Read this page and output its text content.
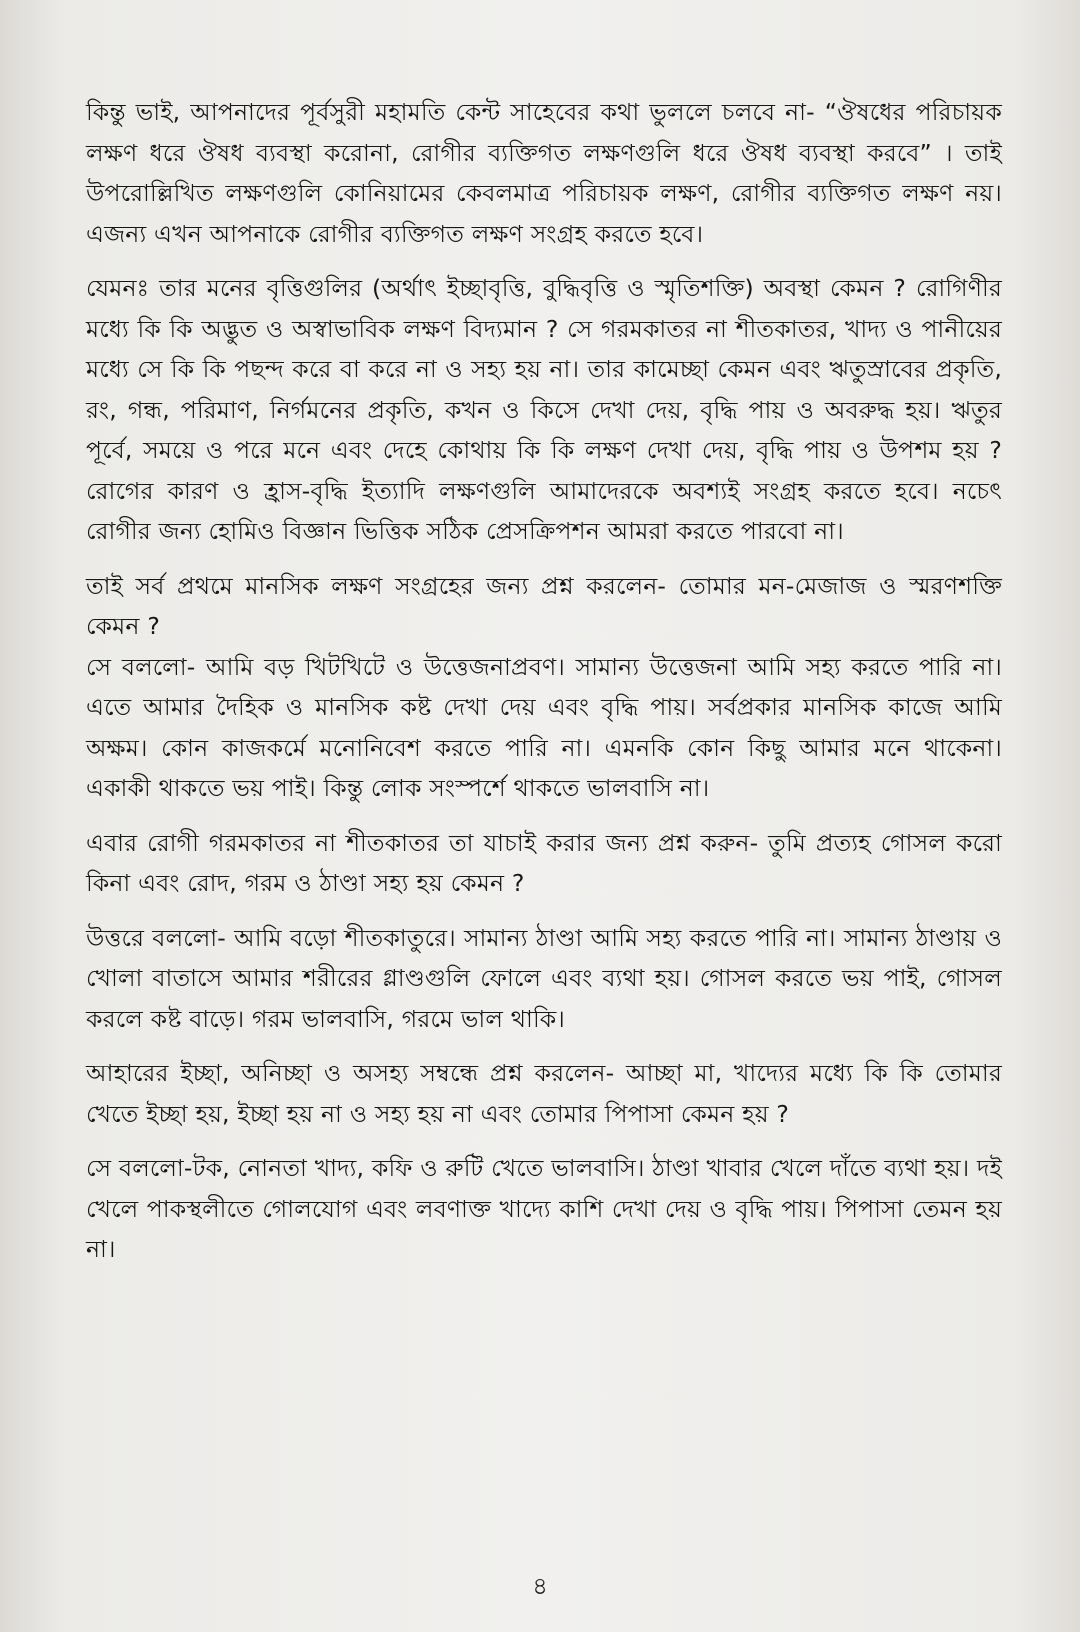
কিন্তু ভাই, আপনাদের পূর্বসুরী মহামতি কেন্ট সাহেবের কথা ভুললে চলবে না- “ঔষধের পরিচায়ক লক্ষণ ধরে ঔষধ ব্যবস্থা করোনা, রোগীর ব্যক্তিগত লক্ষণগুলি ধরে ঔষধ ব্যবস্থা করবে” । তাই উপরোল্লিখিত লক্ষণগুলি কোনিয়ামের কেবলমাত্র পরিচায়ক লক্ষণ, রোগীর ব্যক্তিগত লক্ষণ নয়। এজন্য এখন আপনাকে রোগীর ব্যক্তিগত লক্ষণ সংগ্রহ করতে হবে।

যেমনঃ তার মনের বৃত্তিগুলির (অর্থাৎ ইচ্ছাবৃত্তি, বুদ্ধিবৃত্তি ও স্মৃতিশক্তি) অবস্থা কেমন ? রোগিণীর মধ্যে কি কি অদ্ভুত ও অস্বাভাবিক লক্ষণ বিদ্যমান ? সে গরমকাতর না শীতকাতর, খাদ্য ও পানীয়ের মধ্যে সে কি কি পছন্দ করে বা করে না ও সহ্য হয় না। তার কামেচ্ছা কেমন এবং ঋতুস্রাবের প্রকৃতি, রং, গন্ধ, পরিমাণ, নির্গমনের প্রকৃতি, কখন ও কিসে দেখা দেয়, বৃদ্ধি পায় ও অবরুদ্ধ হয়। ঋতুর পূর্বে, সময়ে ও পরে মনে এবং দেহে কোথায় কি কি লক্ষণ দেখা দেয়, বৃদ্ধি পায় ও উপশম হয় ? রোগের কারণ ও হ্রাস-বৃদ্ধি ইত্যাদি লক্ষণগুলি আমাদেরকে অবশ্যই সংগ্রহ করতে হবে। নচেৎ রোগীর জন্য হোমিও বিজ্ঞান ভিত্তিক সঠিক প্রেসক্রিপশন আমরা করতে পারবো না।

তাই সর্ব প্রথমে মানসিক লক্ষণ সংগ্রহের জন্য প্রশ্ন করলেন- তোমার মন-মেজাজ ও স্মরণশক্তি কেমন ?

সে বললো- আমি বড় খিটখিটে ও উত্তেজনাপ্রবণ। সামান্য উত্তেজনা আমি সহ্য করতে পারি না। এতে আমার দৈহিক ও মানসিক কষ্ট দেখা দেয় এবং বৃদ্ধি পায়। সর্বপ্রকার মানসিক কাজে আমি অক্ষম। কোন কাজকর্মে মনোনিবেশ করতে পারি না। এমনকি কোন কিছু আমার মনে থাকেনা। একাকী থাকতে ভয় পাই। কিন্তু লোক সংস্পর্শে থাকতে ভালবাসি না।

এবার রোগী গরমকাতর না শীতকাতর তা যাচাই করার জন্য প্রশ্ন করুন- তুমি প্রত্যহ গোসল করো কিনা এবং রোদ, গরম ও ঠাণ্ডা সহ্য হয় কেমন ?

উত্তরে বললো- আমি বড়ো শীতকাতুরে। সামান্য ঠাণ্ডা আমি সহ্য করতে পারি না। সামান্য ঠাণ্ডায় ও খোলা বাতাসে আমার শরীরের গ্লাণ্ডগুলি ফোলে এবং ব্যথা হয়। গোসল করতে ভয় পাই, গোসল করলে কষ্ট বাড়ে। গরম ভালবাসি, গরমে ভাল থাকি।

আহারের ইচ্ছা, অনিচ্ছা ও অসহ্য সম্বন্ধে প্রশ্ন করলেন- আচ্ছা মা, খাদ্যের মধ্যে কি কি তোমার খেতে ইচ্ছা হয়, ইচ্ছা হয় না ও সহ্য হয় না এবং তোমার পিপাসা কেমন হয় ?

সে বললো-টক, নোনতা খাদ্য, কফি ও রুটি খেতে ভালবাসি। ঠাণ্ডা খাবার খেলে দাঁতে ব্যথা হয়। দই খেলে পাকস্থলীতে গোলযোগ এবং লবণাক্ত খাদ্যে কাশি দেখা দেয় ও বৃদ্ধি পায়। পিপাসা তেমন হয় না।

৪
